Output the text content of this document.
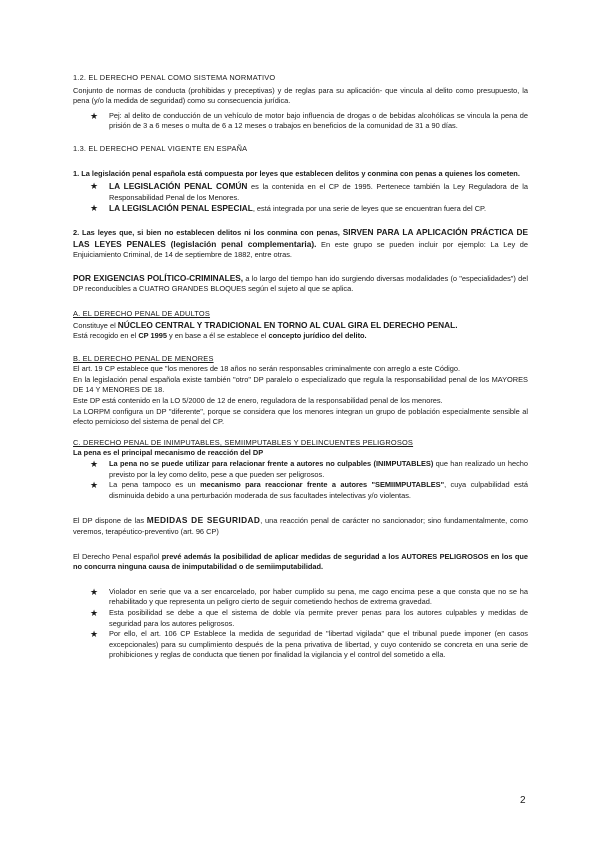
1.2. EL DERECHO PENAL COMO SISTEMA NORMATIVO

Conjunto de normas de conducta (prohibidas y preceptivas) y de reglas para su aplicación- que vincula al delito como presupuesto, la pena (y/o la medida de seguridad) como su consecuencia jurídica.

★ Pej: al delito de conducción de un vehículo de motor bajo influencia de drogas o de bebidas alcohólicas se vincula la pena de prisión de 3 a 6 meses o multa de 6 a 12 meses o trabajos en beneficios de la comunidad de 31 a 90 días.
1.3. EL DERECHO PENAL VIGENTE EN ESPAÑA

1. La legislación penal española está compuesta por leyes que establecen delitos y conmina con penas a quienes los cometen.

★ LA LEGISLACIÓN PENAL COMÚN es la contenida en el CP de 1995. Pertenece también la Ley Reguladora de la Responsabilidad Penal de los Menores.
★ LA LEGISLACIÓN PENAL ESPECIAL, está integrada por una serie de leyes que se encuentran fuera del CP.

2. Las leyes que, si bien no establecen delitos ni los conmina con penas, SIRVEN PARA LA APLICACIÓN PRÁCTICA DE LAS LEYES PENALES (legislación penal complementaria). En este grupo se pueden incluir por ejemplo: La Ley de Enjuiciamiento Criminal, de 14 de septiembre de 1882, entre otras.

POR EXIGENCIAS POLÍTICO-CRIMINALES, a lo largo del tiempo han ido surgiendo diversas modalidades (o "especialidades") del DP reconducibles a CUATRO GRANDES BLOQUES según el sujeto al que se aplica.

A. EL DERECHO PENAL DE ADULTOS

Constituye el NÚCLEO CENTRAL Y TRADICIONAL EN TORNO AL CUAL GIRA EL DERECHO PENAL.

Está recogido en el CP 1995 y en base a él se establece el concepto jurídico del delito.

B. EL DERECHO PENAL DE MENORES

El art. 19 CP establece que "los menores de 18 años no serán responsables criminalmente con arreglo a este Código.

En la legislación penal española existe también "otro" DP paralelo o especializado que regula la responsabilidad penal de los MAYORES DE 14 Y MENORES DE 18.

Este DP está contenido en la LO 5/2000 de 12 de enero, reguladora de la responsabilidad penal de los menores.

La LORPM configura un DP "diferente", porque se considera que los menores integran un grupo de población especialmente sensible al efecto pernicioso del sistema de penal del CP.

C. DERECHO PENAL DE INIMPUTABLES, SEMIIMPUTABLES Y DELINCUENTES PELIGROSOS

La pena es el principal mecanismo de reacción del DP

★ La pena no se puede utilizar para relacionar frente a autores no culpables (INIMPUTABLES) que han realizado un hecho previsto por la ley como delito, pese a que pueden ser peligrosos.
★ La pena tampoco es un mecanismo para reaccionar frente a autores "SEMIIMPUTABLES", cuya culpabilidad está disminuida debido a una perturbación moderada de sus facultades intelectivas y/o violentas.

El DP dispone de las MEDIDAS DE SEGURIDAD, una reacción penal de carácter no sancionador; sino fundamentalmente, como veremos, terapéutico-preventivo (art. 96 CP)

El Derecho Penal español prevé además la posibilidad de aplicar medidas de seguridad a los AUTORES PELIGROSOS en los que no concurra ninguna causa de inimputabilidad o de semiimputabilidad.

★ Violador en serie que va a ser encarcelado, por haber cumplido su pena, me cago encima pese a que consta que no se ha rehabilitado y que representa un peligro cierto de seguir cometiendo hechos de extrema gravedad.
★ Esta posibilidad se debe a que el sistema de doble vía permite prever penas para los autores culpables y medidas de seguridad para los autores peligrosos.
★ Por ello, el art. 106 CP Establece la medida de seguridad de "libertad vigilada" que el tribunal puede imponer (en casos excepcionales) para su cumplimiento después de la pena privativa de libertad, y cuyo contenido se concreta en una serie de prohibiciones y reglas de conducta que tienen por finalidad la vigilancia y el control del sometido a ella.
2
